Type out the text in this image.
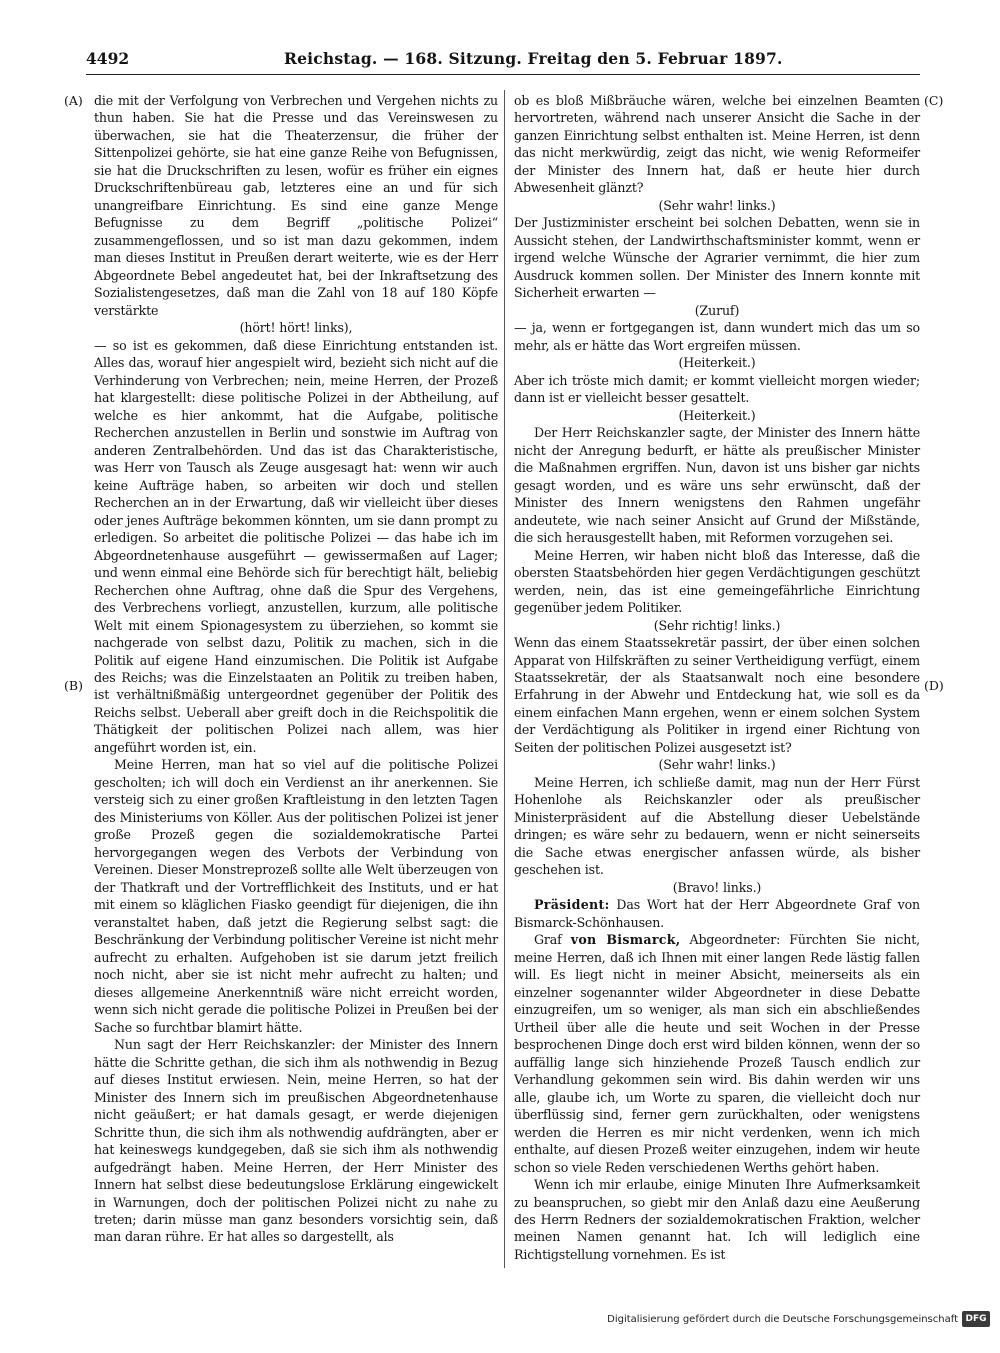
4492	Reichstag. — 168. Sitzung. Freitag den 5. Februar 1897.
(A)
(B)
(C)
(D)

die mit der Verfolgung von Verbrechen und Vergehen nichts zu thun haben. Sie hat die Presse und das Vereinswesen zu überwachen, sie hat die Theaterzensur, die früher der Sittenpolizei gehörte, sie hat eine ganze Reihe von Befugnissen, sie hat die Druckschriften zu lesen, wofür es früher ein eignes Druckschriftenbüreau gab, letzteres eine an und für sich unangreifbare Einrichtung. Es sind eine ganze Menge Befugnisse zu dem Begriff „politische Polizei“ zusammengeflossen, und so ist man dazu gekommen, indem man dieses Institut in Preußen derart weiterte, wie es der Herr Abgeordnete Bebel angedeutet hat, bei der Inkraftsetzung des Sozialistengesetzes, daß man die Zahl von 18 auf 180 Köpfe verstärkte

(hört! hört! links),

— so ist es gekommen, daß diese Einrichtung entstanden ist. Alles das, worauf hier angespielt wird, bezieht sich nicht auf die Verhinderung von Verbrechen; nein, meine Herren, der Prozeß hat klargestellt: diese politische Polizei in der Abtheilung, auf welche es hier ankommt, hat die Aufgabe, politische Recherchen anzustellen in Berlin und sonstwie im Auftrag von anderen Zentralbehörden. Und das ist das Charakteristische, was Herr von Tausch als Zeuge ausgesagt hat: wenn wir auch keine Aufträge haben, so arbeiten wir doch und stellen Recherchen an in der Erwartung, daß wir vielleicht über dieses oder jenes Aufträge bekommen könnten, um sie dann prompt zu erledigen. So arbeitet die politische Polizei — das habe ich im Abgeordnetenhause ausgeführt — gewissermaßen auf Lager; und wenn einmal eine Behörde sich für berechtigt hält, beliebig Recherchen ohne Auftrag, ohne daß die Spur des Vergehens, des Verbrechens vorliegt, anzustellen, kurzum, alle politische Welt mit einem Spionagesystem zu überziehen, so kommt sie nachgerade von selbst dazu, Politik zu machen, sich in die Politik auf eigene Hand einzumischen. Die Politik ist Aufgabe des Reichs; was die Einzelstaaten an Politik zu treiben haben, ist verhältnißmäßig untergeordnet gegenüber der Politik des Reichs selbst. Ueberall aber greift doch in die Reichspolitik die Thätigkeit der politischen Polizei nach allem, was hier angeführt worden ist, ein.

Meine Herren, man hat so viel auf die politische Polizei gescholten; ich will doch ein Verdienst an ihr anerkennen. Sie versteig sich zu einer großen Kraftleistung in den letzten Tagen des Ministeriums von Köller. Aus der politischen Polizei ist jener große Prozeß gegen die sozialdemokratische Partei hervorgegangen wegen des Verbots der Verbindung von Vereinen. Dieser Monstreprozeß sollte alle Welt überzeugen von der Thatkraft und der Vortrefflichkeit des Instituts, und er hat mit einem so kläglichen Fiasko geendigt für diejenigen, die ihn veranstaltet haben, daß jetzt die Regierung selbst sagt: die Beschränkung der Verbindung politischer Vereine ist nicht mehr aufrecht zu erhalten. Aufgehoben ist sie darum jetzt freilich noch nicht, aber sie ist nicht mehr aufrecht zu halten; und dieses allgemeine Anerkenntniß wäre nicht erreicht worden, wenn sich nicht gerade die politische Polizei in Preußen bei der Sache so furchtbar blamirt hätte.

Nun sagt der Herr Reichskanzler: der Minister des Innern hätte die Schritte gethan, die sich ihm als nothwendig in Bezug auf dieses Institut erwiesen. Nein, meine Herren, so hat der Minister des Innern sich im preußischen Abgeordnetenhause nicht geäußert; er hat damals gesagt, er werde diejenigen Schritte thun, die sich ihm als nothwendig aufdrängten, aber er hat keineswegs kundgegeben, daß sie sich ihm als nothwendig aufgedrängt haben. Meine Herren, der Herr Minister des Innern hat selbst diese bedeutungslose Erklärung eingewickelt in Warnungen, doch der politischen Polizei nicht zu nahe zu treten; darin müsse man ganz besonders vorsichtig sein, daß man daran rühre. Er hat alles so dargestellt, als

ob es bloß Mißbräuche wären, welche bei einzelnen Beamten hervortreten, während nach unserer Ansicht die Sache in der ganzen Einrichtung selbst enthalten ist. Meine Herren, ist denn das nicht merkwürdig, zeigt das nicht, wie wenig Reformeifer der Minister des Innern hat, daß er heute hier durch Abwesenheit glänzt?

(Sehr wahr! links.)

Der Justizminister erscheint bei solchen Debatten, wenn sie in Aussicht stehen, der Landwirthschaftsminister kommt, wenn er irgend welche Wünsche der Agrarier vernimmt, die hier zum Ausdruck kommen sollen. Der Minister des Innern konnte mit Sicherheit erwarten —

(Zuruf)

— ja, wenn er fortgegangen ist, dann wundert mich das um so mehr, als er hätte das Wort ergreifen müssen.

(Heiterkeit.)

Aber ich tröste mich damit; er kommt vielleicht morgen wieder; dann ist er vielleicht besser gesattelt.

(Heiterkeit.)

Der Herr Reichskanzler sagte, der Minister des Innern hätte nicht der Anregung bedurft, er hätte als preußischer Minister die Maßnahmen ergriffen. Nun, davon ist uns bisher gar nichts gesagt worden, und es wäre uns sehr erwünscht, daß der Minister des Innern wenigstens den Rahmen ungefähr andeutete, wie nach seiner Ansicht auf Grund der Mißstände, die sich herausgestellt haben, mit Reformen vorzugehen sei.

Meine Herren, wir haben nicht bloß das Interesse, daß die obersten Staatsbehörden hier gegen Verdächtigungen geschützt werden, nein, das ist eine gemeingefährliche Einrichtung gegenüber jedem Politiker.

(Sehr richtig! links.)

Wenn das einem Staatssekretär passirt, der über einen solchen Apparat von Hilfskräften zu seiner Vertheidigung verfügt, einem Staatssekretär, der als Staatsanwalt noch eine besondere Erfahrung in der Abwehr und Entdeckung hat, wie soll es da einem einfachen Mann ergehen, wenn er einem solchen System der Verdächtigung als Politiker in irgend einer Richtung von Seiten der politischen Polizei ausgesetzt ist?

(Sehr wahr! links.)

Meine Herren, ich schließe damit, mag nun der Herr Fürst Hohenlohe als Reichskanzler oder als preußischer Ministerpräsident auf die Abstellung dieser Uebelstände dringen; es wäre sehr zu bedauern, wenn er nicht seinerseits die Sache etwas energischer anfassen würde, als bisher geschehen ist.

(Bravo! links.)

Präsident: Das Wort hat der Herr Abgeordnete Graf von Bismarck-Schönhausen.

Graf von Bismarck, Abgeordneter: Fürchten Sie nicht, meine Herren, daß ich Ihnen mit einer langen Rede lästig fallen will. Es liegt nicht in meiner Absicht, meinerseits als ein einzelner sogenannter wilder Abgeordneter in diese Debatte einzugreifen, um so weniger, als man sich ein abschließendes Urtheil über alle die heute und seit Wochen in der Presse besprochenen Dinge doch erst wird bilden können, wenn der so auffällig lange sich hinziehende Prozeß Tausch endlich zur Verhandlung gekommen sein wird. Bis dahin werden wir uns alle, glaube ich, um Worte zu sparen, die vielleicht doch nur überflüssig sind, ferner gern zurückhalten, oder wenigstens werden die Herren es mir nicht verdenken, wenn ich mich enthalte, auf diesen Prozeß weiter einzugehen, indem wir heute schon so viele Reden verschiedenen Werths gehört haben.

Wenn ich mir erlaube, einige Minuten Ihre Aufmerksamkeit zu beanspruchen, so giebt mir den Anlaß dazu eine Aeußerung des Herrn Redners der sozialdemokratischen Fraktion, welcher meinen Namen genannt hat. Ich will lediglich eine Richtigstellung vornehmen. Es ist

Digitalisierung gefördert durch die Deutsche Forschungsgemeinschaft DFG
